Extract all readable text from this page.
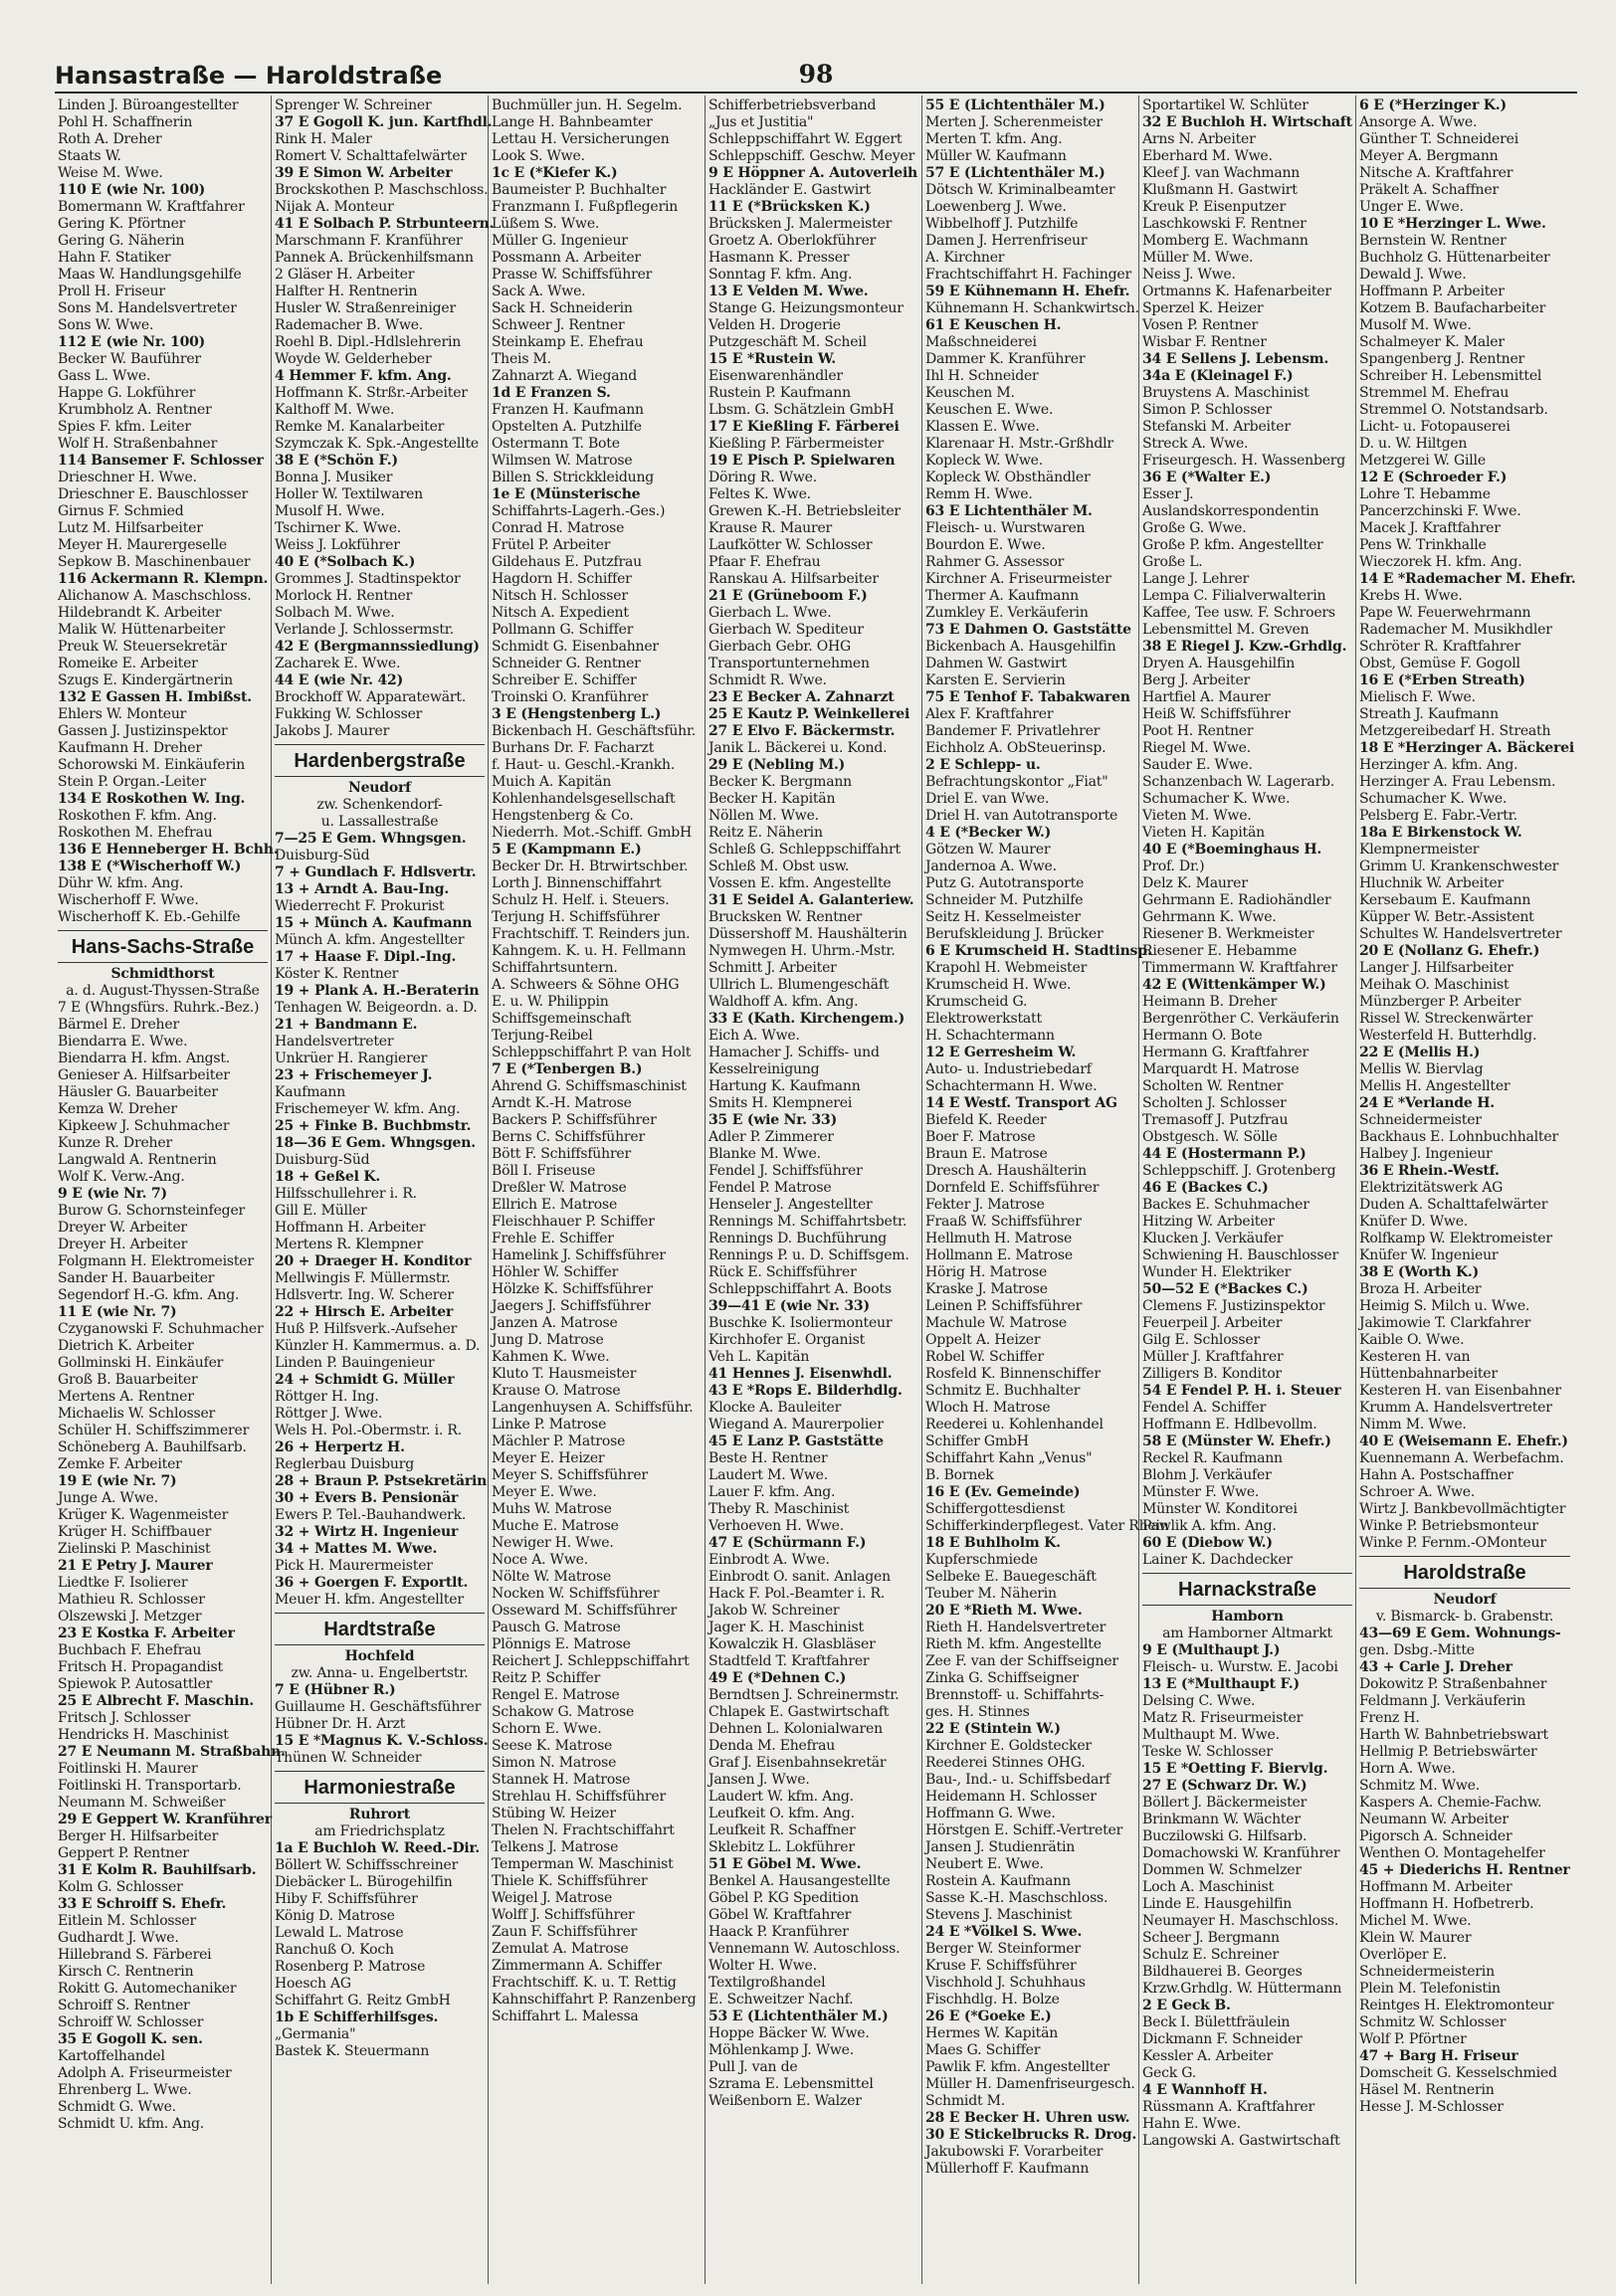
Hansastraße — Haroldstraße	98
Linden J. Büroangestellter
Pohl H. Schaffnerin
Roth A. Dreher
Staats W.
Weise M. Wwe.
110 E (wie Nr. 100)
Bomermann W. Kraftfahrer
Gering K. Pförtner
Gering G. Näherin
Hahn F. Statiker
Maas W. Handlungsgehilfe
Proll H. Friseur
Sons M. Handelsvertreter
Sons W. Wwe.
112 E (wie Nr. 100)
Becker W. Bauführer
Gass L. Wwe.
Happe G. Lokführer
Krumbholz A. Rentner
Spies F. kfm. Leiter
Wolf H. Straßenbahner
114 Bansemer F. Schlosser
Drieschner H. Wwe.
Drieschner E. Bauschlosser
Girnus F. Schmied
Lutz M. Hilfsarbeiter
Meyer H. Maurergeselle
Sepkow B. Maschinenbauer
116 Ackermann R. Klempn.
Alichanow A. Maschschloss.
Hildebrandt K. Arbeiter
Malik W. Hüttenarbeiter
Preuk W. Steuersekretär
Romeike E. Arbeiter
Szugs E. Kindergärtnerin
132 E Gassen H. Imbißst.
Ehlers W. Monteur
Gassen J. Justizinspektor
Kaufmann H. Dreher
Schorowski M. Einkäuferin
Stein P. Organ.-Leiter
134 E Roskothen W. Ing.
Roskothen F. kfm. Ang.
Roskothen M. Ehefrau
136 E Henneberger H. Bchh.
138 E (*Wischerhoff W.)
Dühr W. kfm. Ang.
Wischerhoff F. Wwe.
Wischerhoff K. Eb.-Gehilfe
Hans-Sachs-Straße
Schmidthorst
a. d. August-Thyssen-Straße
7 E (Whngsfürs. Ruhrk.-Bez.)
Bärmel E. Dreher
Biendarra E. Wwe.
Biendarra H. kfm. Angst.
Genieser A. Hilfsarbeiter
Häusler G. Bauarbeiter
Kemza W. Dreher
Kipkeew J. Schuhmacher
Kunze R. Dreher
Langwald A. Rentnerin
Wolf K. Verw.-Ang.
9 E (wie Nr. 7)
Burow G. Schornsteinfeger
Dreyer W. Arbeiter
Dreyer H. Arbeiter
Folgmann H. Elektromeister
Sander H. Bauarbeiter
Segendorf H.-G. kfm. Ang.
11 E (wie Nr. 7)
Czyganowski F. Schuhmacher
Dietrich K. Arbeiter
Gollminski H. Einkäufer
Groß B. Bauarbeiter
Mertens A. Rentner
Michaelis W. Schlosser
Schüler H. Schiffszimmerer
Schöneberg A. Bauhilfsarb.
Zemke F. Arbeiter
19 E (wie Nr. 7)
Junge A. Wwe.
Krüger K. Wagenmeister
Krüger H. Schiffbauer
Zielinski P. Maschinist
21 E Petry J. Maurer
Liedtke F. Isolierer
Mathieu R. Schlosser
Olszewski J. Metzger
23 E Kostka F. Arbeiter
Buchbach F. Ehefrau
Fritsch H. Propagandist
Spiewok P. Autosattler
25 E Albrecht F. Maschin.
Fritsch J. Schlosser
Hendricks H. Maschinist
27 E Neumann M. Straßbahn.
Foitlinski H. Maurer
Foitlinski H. Transportarb.
Neumann M. Schweißer
29 E Geppert W. Kranführer
Berger H. Hilfsarbeiter
Geppert P. Rentner
31 E Kolm R. Bauhilfsarb.
Kolm G. Schlosser
33 E Schroiff S. Ehefr.
Eitlein M. Schlosser
Gudhardt J. Wwe.
Hillebrand S. Färberei
Kirsch C. Rentnerin
Rokitt G. Automechaniker
Schroiff S. Rentner
Schroiff W. Schlosser
35 E Gogoll K. sen.
Kartoffelhandel
Adolph A. Friseurmeister
Ehrenberg L. Wwe.
Schmidt G. Wwe.
Schmidt U. kfm. Ang.
Sprenger W. Schreiner
37 E Gogoll K. jun. Kartfhdl.
Rink H. Maler
Romert V. Schalttafelwärter
39 E Simon W. Arbeiter
Brockskothen P. Maschschloss.
Nijak A. Monteur
41 E Solbach P. Strbunteern.
Marschmann F. Kranführer
Pannek A. Brückenhilfsmann
2 Gläser H. Arbeiter
Halfter H. Rentnerin
Husler W. Straßenreiniger
Rademacher B. Wwe.
Roehl B. Dipl.-Hdlslehrerin
Woyde W. Gelderheber
4 Hemmer F. kfm. Ang.
Hoffmann K. Strßr.-Arbeiter
Kalthoff M. Wwe.
Remke M. Kanalarbeiter
Szymczak K. Spk.-Angestellte
38 E (*Schön F.)
Bonna J. Musiker
Holler W. Textilwaren
Musolf H. Wwe.
Tschirner K. Wwe.
Weiss J. Lokführer
40 E (*Solbach K.)
Grommes J. Stadtinspektor
Morlock H. Rentner
Solbach M. Wwe.
Verlande J. Schlossermstr.
42 E (Bergmannssiedlung)
Zacharek E. Wwe.
44 E (wie Nr. 42)
Brockhoff W. Apparatewärt.
Fukking W. Schlosser
Jakobs J. Maurer
Hardenbergstraße
Neudorf
zw. Schenkendorf-
u. Lassallestraße
7—25 E Gem. Whngsgen.
Duisburg-Süd
7 + Gundlach F. Hdlsvertr.
13 + Arndt A. Bau-Ing.
Wiederrecht F. Prokurist
15 + Münch A. Kaufmann
Münch A. kfm. Angestellter
17 + Haase F. Dipl.-Ing.
Köster K. Rentner
19 + Plank A. H.-Beraterin
Tenhagen W. Beigeordn. a. D.
21 + Bandmann E.
Handelsvertreter
Unkrüer H. Rangierer
23 + Frischemeyer J.
Kaufmann
Frischemeyer W. kfm. Ang.
25 + Finke B. Buchbmstr.
18—36 E Gem. Whngsgen.
Duisburg-Süd
18 + Geßel K.
Hilfsschullehrer i. R.
Gill E. Müller
Hoffmann H. Arbeiter
Mertens R. Klempner
20 + Draeger H. Konditor
Mellwingis F. Müllermstr.
Hdlsvertr. Ing. W. Scherer
22 + Hirsch E. Arbeiter
Huß P. Hilfsverk.-Aufseher
Künzler H. Kammermus. a. D.
Linden P. Bauingenieur
24 + Schmidt G. Müller
Röttger H. Ing.
Röttger J. Wwe.
Wels H. Pol.-Obermstr. i. R.
26 + Herpertz H.
Reglerbau Duisburg
28 + Braun P. Pstsekretärin
30 + Evers B. Pensionär
Ewers P. Tel.-Bauhandwerk.
32 + Wirtz H. Ingenieur
34 + Mattes M. Wwe.
Pick H. Maurermeister
36 + Goergen F. Exportlt.
Meuer H. kfm. Angestellter
Hardtstraße
Hochfeld
zw. Anna- u. Engelbertstr.
7 E (Hübner R.)
Guillaume H. Geschäftsführer
Hübner Dr. H. Arzt
15 E *Magnus K. V.-Schloss.
Thünen W. Schneider
Harmoniestraße
Ruhrort
am Friedrichsplatz
1a E Buchloh W. Reed.-Dir.
Böllert W. Schiffsschreiner
Diebäcker L. Bürogehilfin
Hiby F. Schiffsführer
König D. Matrose
Lewald L. Matrose
Ranchuß O. Koch
Rosenberg P. Matrose
Hoesch AG
Schiffahrt G. Reitz GmbH
1b E Schifferhilfsges.
„Germania"
Bastek K. Steuermann
Buchmüller jun. H. Segelm.
Lange H. Bahnbeamter
Lettau H. Versicherungen
Look S. Wwe.
1c E (*Kiefer K.)
Baumeister P. Buchhalter
Franzmann I. Fußpflegerin
Lüßem S. Wwe.
Müller G. Ingenieur
Possmann A. Arbeiter
Prasse W. Schiffsführer
Sack A. Wwe.
Sack H. Schneiderin
Schweer J. Rentner
Steinkamp E. Ehefrau
Theis M.
Zahnarzt A. Wiegand
1d E Franzen S.
Franzen H. Kaufmann
Opstelten A. Putzhilfe
Ostermann T. Bote
Wilmsen W. Matrose
Billen S. Strickkleidung
1e E (Münsterische
Schiffahrts-Lagerh.-Ges.)
Conrad H. Matrose
Frütel P. Arbeiter
Gildehaus E. Putzfrau
Hagdorn H. Schiffer
Nitsch H. Schlosser
Nitsch A. Expedient
Pollmann G. Schiffer
Schmidt G. Eisenbahner
Schneider G. Rentner
Schreiber E. Schiffer
Troinski O. Kranführer
3 E (Hengstenberg L.)
Bickenbach H. Geschäftsführ.
Burhans Dr. F. Facharzt
f. Haut- u. Geschl.-Krankh.
Muich A. Kapitän
Kohlenhandelsgesellschaft
Hengstenberg & Co.
Niederrh. Mot.-Schiff. GmbH
5 E (Kampmann E.)
Becker Dr. H. Btrwirtschber.
Lorth J. Binnenschiffahrt
Schulz H. Helf. i. Steuers.
Terjung H. Schiffsführer
Frachtschiff. T. Reinders jun.
Kahngem. K. u. H. Fellmann
Schiffahrtsuntern.
A. Schweers & Söhne OHG
E. u. W. Philippin
Schiffsgemeinschaft
Terjung-Reibel
Schleppschiffahrt P. van Holt
7 E (*Tenbergen B.)
Ahrend G. Schiffsmaschinist
Arndt K.-H. Matrose
Backers P. Schiffsführer
Berns C. Schiffsführer
Bött F. Schiffsführer
Böll I. Friseuse
Dreßler W. Matrose
Ellrich E. Matrose
Fleischhauer P. Schiffer
Frehle E. Schiffer
Hamelink J. Schiffsführer
Höhler W. Schiffer
Hölzke K. Schiffsführer
Jaegers J. Schiffsführer
Janzen A. Matrose
Jung D. Matrose
Kahmen K. Wwe.
Kluto T. Hausmeister
Krause O. Matrose
Langenhuysen A. Schiffsführ.
Linke P. Matrose
Mächler P. Matrose
Meyer E. Heizer
Meyer S. Schiffsführer
Meyer E. Wwe.
Muhs W. Matrose
Muche E. Matrose
Newiger H. Wwe.
Noce A. Wwe.
Nölte W. Matrose
Nocken W. Schiffsführer
Osseward M. Schiffsführer
Pausch G. Matrose
Plönnigs E. Matrose
Reichert J. Schleppschiffahrt
Reitz P. Schiffer
Rengel E. Matrose
Schakow G. Matrose
Schorn E. Wwe.
Seese K. Matrose
Simon N. Matrose
Stannek H. Matrose
Strehlau H. Schiffsführer
Stübing W. Heizer
Thelen N. Frachtschiffahrt
Telkens J. Matrose
Temperman W. Maschinist
Thiele K. Schiffsführer
Weigel J. Matrose
Wolff J. Schiffsführer
Zaun F. Schiffsführer
Zemulat A. Matrose
Zimmermann A. Schiffer
Frachtschiff. K. u. T. Rettig
Kahnschiffahrt P. Ranzenberg
Schiffahrt L. Malessa
Schifferbetriebsverband
„Jus et Justitia"
Schleppschiffahrt W. Eggert
Schleppschiff. Geschw. Meyer
9 E Höppner A. Autoverleih
Hackländer E. Gastwirt
11 E (*Brücksken K.)
Brücksken J. Malermeister
Groetz A. Oberlokführer
Hasmann K. Presser
Sonntag F. kfm. Ang.
13 E Velden M. Wwe.
Stange G. Heizungsmonteur
Velden H. Drogerie
Putzgeschäft M. Scheil
15 E *Rustein W.
Eisenwarenhändler
Rustein P. Kaufmann
Lbsm. G. Schätzlein GmbH
17 E Kießling F. Färberei
Kießling P. Färbermeister
19 E Pisch P. Spielwaren
Döring R. Wwe.
Feltes K. Wwe.
Grewen K.-H. Betriebsleiter
Krause R. Maurer
Laufkötter W. Schlosser
Pfaar F. Ehefrau
Ranskau A. Hilfsarbeiter
21 E (Grüneboom F.)
Gierbach L. Wwe.
Gierbach W. Spediteur
Gierbach Gebr. OHG
Transportunternehmen
Schmidt R. Wwe.
23 E Becker A. Zahnarzt
25 E Kautz P. Weinkellerei
27 E Elvo F. Bäckermstr.
Janik L. Bäckerei u. Kond.
29 E (Nebling M.)
Becker K. Bergmann
Becker H. Kapitän
Nöllen M. Wwe.
Reitz E. Näherin
Schleß G. Schleppschiffahrt
Schleß M. Obst usw.
Vossen E. kfm. Angestellte
31 E Seidel A. Galanteriew.
Brucksken W. Rentner
Düssershoff M. Haushälterin
Nymwegen H. Uhrm.-Mstr.
Schmitt J. Arbeiter
Ullrich L. Blumengeschäft
Waldhoff A. kfm. Ang.
33 E (Kath. Kirchengem.)
Eich A. Wwe.
Hamacher J. Schiffs- und
Kesselreinigung
Hartung K. Kaufmann
Smits H. Klempnerei
35 E (wie Nr. 33)
Adler P. Zimmerer
Blanke M. Wwe.
Fendel J. Schiffsführer
Fendel P. Matrose
Henseler J. Angestellter
Rennings M. Schiffahrtsbetr.
Rennings D. Buchführung
Rennings P. u. D. Schiffsgem.
Rück E. Schiffsführer
Schleppschiffahrt A. Boots
39—41 E (wie Nr. 33)
Buschke K. Isoliermonteur
Kirchhofer E. Organist
Veh L. Kapitän
41 Hennes J. Eisenwhdl.
43 E *Rops E. Bilderhdlg.
Klocke A. Bauleiter
Wiegand A. Maurerpolier
45 E Lanz P. Gaststätte
Beste H. Rentner
Laudert M. Wwe.
Lauer F. kfm. Ang.
Theby R. Maschinist
Verhoeven H. Wwe.
47 E (Schürmann F.)
Einbrodt A. Wwe.
Einbrodt O. sanit. Anlagen
Hack F. Pol.-Beamter i. R.
Jakob W. Schreiner
Jager K. H. Maschinist
Kowalczik H. Glasbläser
Stadtfeld T. Kraftfahrer
49 E (*Dehnen C.)
Berndtsen J. Schreinermstr.
Chlapek E. Gastwirtschaft
Dehnen L. Kolonialwaren
Denda M. Ehefrau
Graf J. Eisenbahnsekretär
Jansen J. Wwe.
Laudert W. kfm. Ang.
Leufkeit O. kfm. Ang.
Leufkeit R. Schaffner
Sklebitz L. Lokführer
51 E Göbel M. Wwe.
Benkel A. Hausangestellte
Göbel P. KG Spedition
Göbel W. Kraftfahrer
Haack P. Kranführer
Vennemann W. Autoschloss.
Wolter H. Wwe.
Textilgroßhandel
E. Schweitzer Nachf.
53 E (Lichtenthäler M.)
Hoppe Bäcker W. Wwe.
Möhlenkamp J. Wwe.
Pull J. van de
Szrama E. Lebensmittel
Weißenborn E. Walzer
55 E (Lichtenthäler M.)
Merten J. Scherenmeister
Merten T. kfm. Ang.
Müller W. Kaufmann
57 E (Lichtenthäler M.)
Dötsch W. Kriminalbeamter
Loewenberg J. Wwe.
Wibbelhoff J. Putzhilfe
Damen J. Herrenfriseur
A. Kirchner
Frachtschiffahrt H. Fachinger
59 E Kühnemann H. Ehefr.
Kühnemann H. Schankwirtsch.
61 E Keuschen H.
Maßschneiderei
Dammer K. Kranführer
Ihl H. Schneider
Keuschen M.
Keuschen E. Wwe.
Klassen E. Wwe.
Klarenaar H. Mstr.-Grßhdlr
Kopleck W. Wwe.
Kopleck W. Obsthändler
Remm H. Wwe.
63 E Lichtenthäler M.
Fleisch- u. Wurstwaren
Bourdon E. Wwe.
Rahmer G. Assessor
Kirchner A. Friseurmeister
Thermer A. Kaufmann
Zumkley E. Verkäuferin
73 E Dahmen O. Gaststätte
Bickenbach A. Hausgehilfin
Dahmen W. Gastwirt
Karsten E. Servierin
75 E Tenhof F. Tabakwaren
Alex F. Kraftfahrer
Bandemer F. Privatlehrer
Eichholz A. ObSteuerinsp.
2 E Schlepp- u.
Befrachtungskontor „Fiat"
Driel E. van Wwe.
Driel H. van Autotransporte
4 E (*Becker W.)
Götzen W. Maurer
Jandernoa A. Wwe.
Putz G. Autotransporte
Schneider M. Putzhilfe
Seitz H. Kesselmeister
Berufskleidung J. Brücker
6 E Krumscheid H. Stadtinsp.
Krapohl H. Webmeister
Krumscheid H. Wwe.
Krumscheid G.
Elektrowerkstatt
H. Schachtermann
12 E Gerresheim W.
Auto- u. Industriebedarf
Schachtermann H. Wwe.
14 E Westf. Transport AG
Biefeld K. Reeder
Boer F. Matrose
Braun E. Matrose
Dresch A. Haushälterin
Dornfeld E. Schiffsführer
Fekter J. Matrose
Fraaß W. Schiffsführer
Hellmuth H. Matrose
Hollmann E. Matrose
Hörig H. Matrose
Kraske J. Matrose
Leinen P. Schiffsführer
Machule W. Matrose
Oppelt A. Heizer
Robel W. Schiffer
Rosfeld K. Binnenschiffer
Schmitz E. Buchhalter
Wloch H. Matrose
Reederei u. Kohlenhandel
Schiffer GmbH
Schiffahrt Kahn „Venus"
B. Bornek
16 E (Ev. Gemeinde)
Schiffergottesdienst
Schifferkinderpflegest. Vater Rhein
18 E Buhlholm K.
Kupferschmiede
Selbeke E. Bauegeschäft
Teuber M. Näherin
20 E *Rieth M. Wwe.
Rieth H. Handelsvertreter
Rieth M. kfm. Angestellte
Zee F. van der Schiffseigner
Zinka G. Schiffseigner
Brennstoff- u. Schiffahrts-
ges. H. Stinnes
22 E (Stintein W.)
Kirchner E. Goldstecker
Reederei Stinnes OHG.
Bau-, Ind.- u. Schiffsbedarf
Heidemann H. Schlosser
Hoffmann G. Wwe.
Hörstgen E. Schiff.-Vertreter
Jansen J. Studienrätin
Neubert E. Wwe.
Rostein A. Kaufmann
Sasse K.-H. Maschschloss.
Stevens J. Maschinist
24 E *Völkel S. Wwe.
Berger W. Steinformer
Kruse F. Schiffsführer
Vischhold J. Schuhhaus
Fischhdlg. H. Bolze
26 E (*Goeke E.)
Hermes W. Kapitän
Maes G. Schiffer
Pawlik F. kfm. Angestellter
Müller H. Damenfriseurgesch.
Schmidt M.
28 E Becker H. Uhren usw.
30 E Stickelbrucks R. Drog.
Jakubowski F. Vorarbeiter
Müllerhoff F. Kaufmann
Sportartikel W. Schlüter
32 E Buchloh H. Wirtschaft
Arns N. Arbeiter
Eberhard M. Wwe.
Kleef J. van Wachmann
Klußmann H. Gastwirt
Kreuk P. Eisenputzer
Laschkowski F. Rentner
Momberg E. Wachmann
Müller M. Wwe.
Neiss J. Wwe.
Ortmanns K. Hafenarbeiter
Sperzel K. Heizer
Vosen P. Rentner
Wisbar F. Rentner
34 E Sellens J. Lebensm.
34a E (Kleinagel F.)
Bruystens A. Maschinist
Simon P. Schlosser
Stefanski M. Arbeiter
Streck A. Wwe.
Friseurgesch. H. Wassenberg
36 E (*Walter E.)
Esser J.
Auslandskorrespondentin
Große G. Wwe.
Große P. kfm. Angestellter
Große L.
Lange J. Lehrer
Lempa C. Filialverwalterin
Kaffee, Tee usw. F. Schroers
Lebensmittel M. Greven
38 E Riegel J. Kzw.-Grhdlg.
Dryen A. Hausgehilfin
Berg J. Arbeiter
Hartfiel A. Maurer
Heiß W. Schiffsführer
Poot H. Rentner
Riegel M. Wwe.
Sauder E. Wwe.
Schanzenbach W. Lagerarb.
Schumacher K. Wwe.
Vieten M. Wwe.
Vieten H. Kapitän
40 E (*Boeminghaus H.
Prof. Dr.)
Delz K. Maurer
Gehrmann E. Radiohändler
Gehrmann K. Wwe.
Riesener B. Werkmeister
Riesener E. Hebamme
Timmermann W. Kraftfahrer
42 E (Wittenkämper W.)
Heimann B. Dreher
Bergenröther C. Verkäuferin
Hermann O. Bote
Hermann G. Kraftfahrer
Marquardt H. Matrose
Scholten W. Rentner
Scholten J. Schlosser
Tremasoff J. Putzfrau
Obstgesch. W. Sölle
44 E (Hostermann P.)
Schleppschiff. J. Grotenberg
46 E (Backes C.)
Backes E. Schuhmacher
Hitzing W. Arbeiter
Klucken J. Verkäufer
Schwiening H. Bauschlosser
Wunder H. Elektriker
50—52 E (*Backes C.)
Clemens F. Justizinspektor
Feuerpeil J. Arbeiter
Gilg E. Schlosser
Müller J. Kraftfahrer
Zilligers B. Konditor
54 E Fendel P. H. i. Steuer
Fendel A. Schiffer
Hoffmann E. Hdlbevollm.
58 E (Münster W. Ehefr.)
Reckel R. Kaufmann
Blohm J. Verkäufer
Münster F. Wwe.
Münster W. Konditorei
Pawlik A. kfm. Ang.
60 E (Diebow W.)
Lainer K. Dachdecker
Harnackstraße
Hamborn
am Hamborner Altmarkt
9 E (Multhaupt J.)
Fleisch- u. Wurstw. E. Jacobi
13 E (*Multhaupt F.)
Delsing C. Wwe.
Matz R. Friseurmeister
Multhaupt M. Wwe.
Teske W. Schlosser
15 E *Oetting F. Biervlg.
27 E (Schwarz Dr. W.)
Böllert J. Bäckermeister
Brinkmann W. Wächter
Buczilowski G. Hilfsarb.
Domachowski W. Kranführer
Dommen W. Schmelzer
Loch A. Maschinist
Linde E. Hausgehilfin
Neumayer H. Maschschloss.
Scheer J. Bergmann
Schulz E. Schreiner
Bildhauerei B. Georges
Krzw.Grhdlg. W. Hüttermann
2 E Geck B.
Beck I. Bülettfräulein
Dickmann F. Schneider
Kessler A. Arbeiter
Geck G.
4 E Wannhoff H.
Rüssmann A. Kraftfahrer
Hahn E. Wwe.
Langowski A. Gastwirtschaft
6 E (*Herzinger K.)
Ansorge A. Wwe.
Günther T. Schneiderei
Meyer A. Bergmann
Nitsche A. Kraftfahrer
Präkelt A. Schaffner
Unger E. Wwe.
10 E *Herzinger L. Wwe.
Bernstein W. Rentner
Buchholz G. Hüttenarbeiter
Dewald J. Wwe.
Hoffmann P. Arbeiter
Kotzem B. Baufacharbeiter
Musolf M. Wwe.
Schalmeyer K. Maler
Spangenberg J. Rentner
Schreiber H. Lebensmittel
Stremmel M. Ehefrau
Stremmel O. Notstandsarb.
Licht- u. Fotopauserei
D. u. W. Hiltgen
Metzgerei W. Gille
12 E (Schroeder F.)
Lohre T. Hebamme
Pancerzchinski F. Wwe.
Macek J. Kraftfahrer
Pens W. Trinkhalle
Wieczorek H. kfm. Ang.
14 E *Rademacher M. Ehefr.
Krebs H. Wwe.
Pape W. Feuerwehrmann
Rademacher M. Musikhdler
Schröter R. Kraftfahrer
Obst, Gemüse F. Gogoll
16 E (*Erben Streath)
Mielisch F. Wwe.
Streath J. Kaufmann
Metzgereibedarf H. Streath
18 E *Herzinger A. Bäckerei
Herzinger A. kfm. Ang.
Herzinger A. Frau Lebensm.
Schumacher K. Wwe.
Pelsberg E. Fabr.-Vertr.
18a E Birkenstock W.
Klempnermeister
Grimm U. Krankenschwester
Hluchnik W. Arbeiter
Kersebaum E. Kaufmann
Küpper W. Betr.-Assistent
Schultes W. Handelsvertreter
20 E (Nollanz G. Ehefr.)
Langer J. Hilfsarbeiter
Meihak O. Maschinist
Münzberger P. Arbeiter
Rissel W. Streckenwärter
Westerfeld H. Butterhdlg.
22 E (Mellis H.)
Mellis W. Biervlag
Mellis H. Angestellter
24 E *Verlande H.
Schneidermeister
Backhaus E. Lohnbuchhalter
Halbey J. Ingenieur
36 E Rhein.-Westf.
Elektrizitätswerk AG
Duden A. Schalttafelwärter
Knüfer D. Wwe.
Rolfkamp W. Elektromeister
Knüfer W. Ingenieur
38 E (Worth K.)
Broza H. Arbeiter
Heimig S. Milch u. Wwe.
Jakimowie T. Clarkfahrer
Kaible O. Wwe.
Kesteren H. van
Hüttenbahnarbeiter
Kesteren H. van Eisenbahner
Krumm A. Handelsvertreter
Nimm M. Wwe.
40 E (Weisemann E. Ehefr.)
Kuennemann A. Werbefachm.
Hahn A. Postschaffner
Schroer A. Wwe.
Wirtz J. Bankbevollmächtigter
Winke P. Betriebsmonteur
Winke P. Fernm.-OMonteur
Haroldstraße
Neudorf
v. Bismarck- b. Grabenstr.
43—69 E Gem. Wohnungs-
gen. Dsbg.-Mitte
43 + Carle J. Dreher
Dokowitz P. Straßenbahner
Feldmann J. Verkäuferin
Frenz H.
Harth W. Bahnbetriebswart
Hellmig P. Betriebswärter
Horn A. Wwe.
Schmitz M. Wwe.
Kaspers A. Chemie-Fachw.
Neumann W. Arbeiter
Pigorsch A. Schneider
Wenthen O. Montagehelfer
45 + Diederichs H. Rentner
Hoffmann M. Arbeiter
Hoffmann H. Hofbetrerb.
Michel M. Wwe.
Klein W. Maurer
Overlöper E.
Schneidermeisterin
Plein M. Telefonistin
Reintges H. Elektromonteur
Schmitz W. Schlosser
Wolf P. Pförtner
47 + Barg H. Friseur
Domscheit G. Kesselschmied
Häsel M. Rentnerin
Hesse J. M-Schlosser
